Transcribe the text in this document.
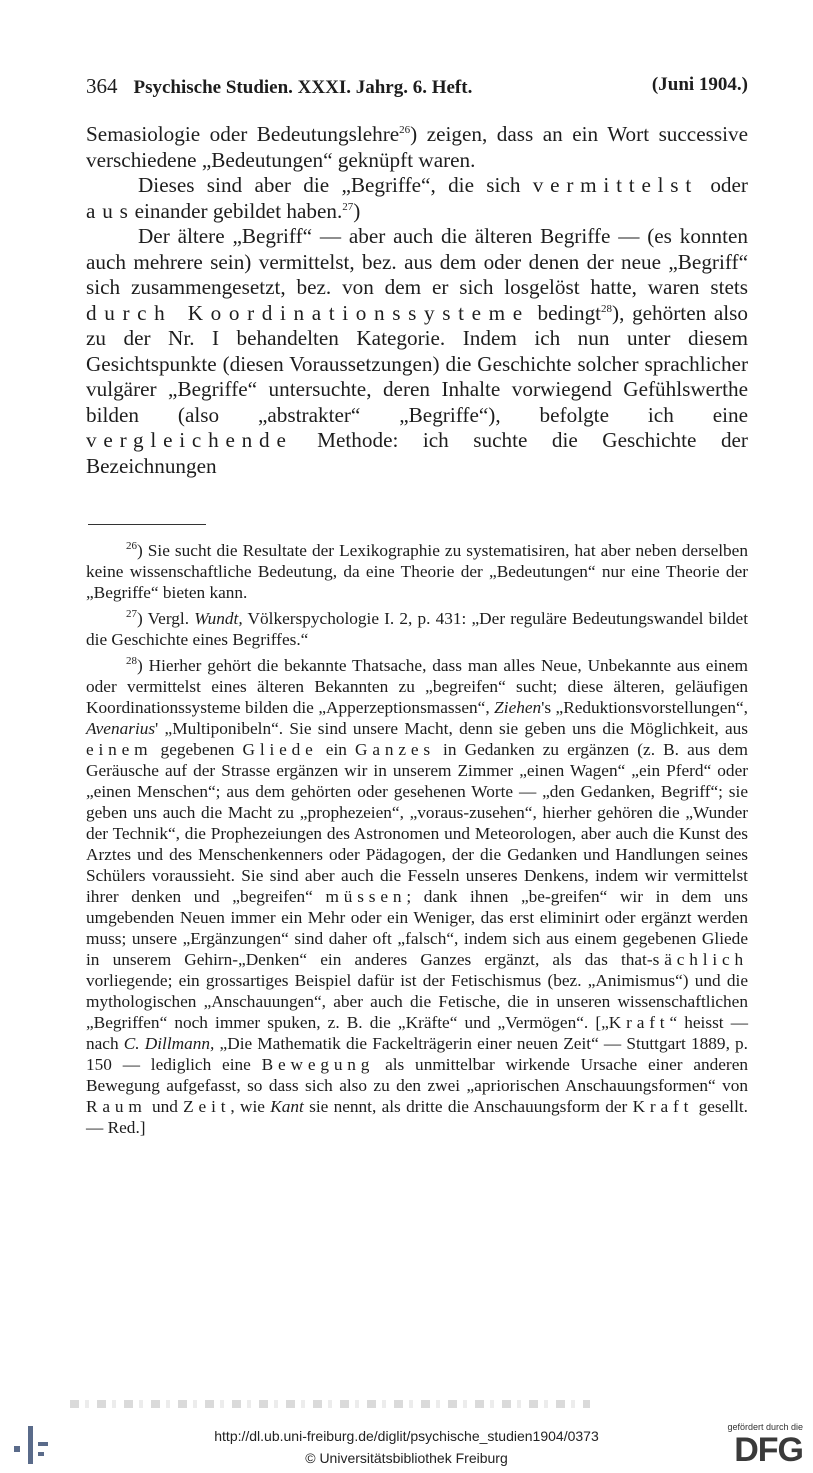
364 Psychische Studien. XXXI. Jahrg. 6. Heft.	(Juni 1904.)

Semasiologie oder Bedeutungslehre$^{26}$) zeigen, dass an ein Wort successive verschiedene „Bedeutungen“ geknüpft waren.

Dieses sind aber die „Begriffe“, die sich vermittelst oder auseinander gebildet haben.$^{27}$)

Der ältere „Begriff“ — aber auch die älteren Begriffe — (es konnten auch mehrere sein) vermittelst, bez. aus dem oder denen der neue „Begriff“ sich zusammengesetzt, bez. von dem er sich losgelöst hatte, waren stets durch Koordinationssysteme bedingt$^{28}$), gehörten also zu der Nr. I behandelten Kategorie. Indem ich nun unter diesem Gesichtspunkte (diesen Voraussetzungen) die Geschichte solcher sprachlicher vulgärer „Begriffe“ untersuchte, deren Inhalte vorwiegend Gefühlswerthe bilden (also „abstrakter“ „Begriffe“), befolgte ich eine vergleichende Methode: ich suchte die Geschichte der Bezeichnungen

$^{26}$) Sie sucht die Resultate der Lexikographie zu systematisiren, hat aber neben derselben keine wissenschaftliche Bedeutung, da eine Theorie der „Bedeutungen“ nur eine Theorie der „Begriffe“ bieten kann.

$^{27}$) Vergl. Wundt, Völkerspychologie I. 2, p. 431: „Der reguläre Bedeutungswandel bildet die Geschichte eines Begriffes.“

$^{28}$) Hierher gehört die bekannte Thatsache, dass man alles Neue, Unbekannte aus einem oder vermittelst eines älteren Bekannten zu „begreifen“ sucht; diese älteren, geläufigen Koordinationssysteme bilden die „Apperzeptionsmassen“, Ziehen's „Reduktionsvorstellungen“, Avenarius' „Multiponibeln“. Sie sind unsere Macht, denn sie geben uns die Möglichkeit, aus einem gegebenen Gliede ein Ganzes in Gedanken zu ergänzen (z. B. aus dem Geräusche auf der Strasse ergänzen wir in unserem Zimmer „einen Wagen“ „ein Pferd“ oder „einen Menschen“; aus dem gehörten oder gesehenen Worte — „den Gedanken, Begriff“; sie geben uns auch die Macht zu „prophezeien“, „voraus-zusehen“, hierher gehören die „Wunder der Technik“, die Prophezeiungen des Astronomen und Meteorologen, aber auch die Kunst des Arztes und des Menschenkenners oder Pädagogen, der die Gedanken und Handlungen seines Schülers voraussieht. Sie sind aber auch die Fesseln unseres Denkens, indem wir vermittelst ihrer denken und „begreifen“ müssen; dank ihnen „be-greifen“ wir in dem uns umgebenden Neuen immer ein Mehr oder ein Weniger, das erst eliminirt oder ergänzt werden muss; unsere „Ergänzungen“ sind daher oft „falsch“, indem sich aus einem gegebenen Gliede in unserem Gehirn-„Denken“ ein anderes Ganzes ergänzt, als das that-sächlich vorliegende; ein grossartiges Beispiel dafür ist der Fetischismus (bez. „Animismus“) und die mythologischen „Anschauungen“, aber auch die Fetische, die in unseren wissenschaftlichen „Begriffen“ noch immer spuken, z. B. die „Kräfte“ und „Vermögen“. [„Kraft“ heisst — nach C. Dillmann, „Die Mathematik die Fackelträgerin einer neuen Zeit“ — Stuttgart 1889, p. 150 — lediglich eine Bewegung als unmittelbar wirkende Ursache einer anderen Bewegung aufgefasst, so dass sich also zu den zwei „apriorischen Anschauungsformen“ von Raum und Zeit, wie Kant sie nennt, als dritte die Anschauungsform der Kraft gesellt. — Red.]

http://dl.ub.uni-freiburg.de/diglit/psychische_studien1904/0373
© Universitätsbibliothek Freiburg
gefördert durch die
DFG
